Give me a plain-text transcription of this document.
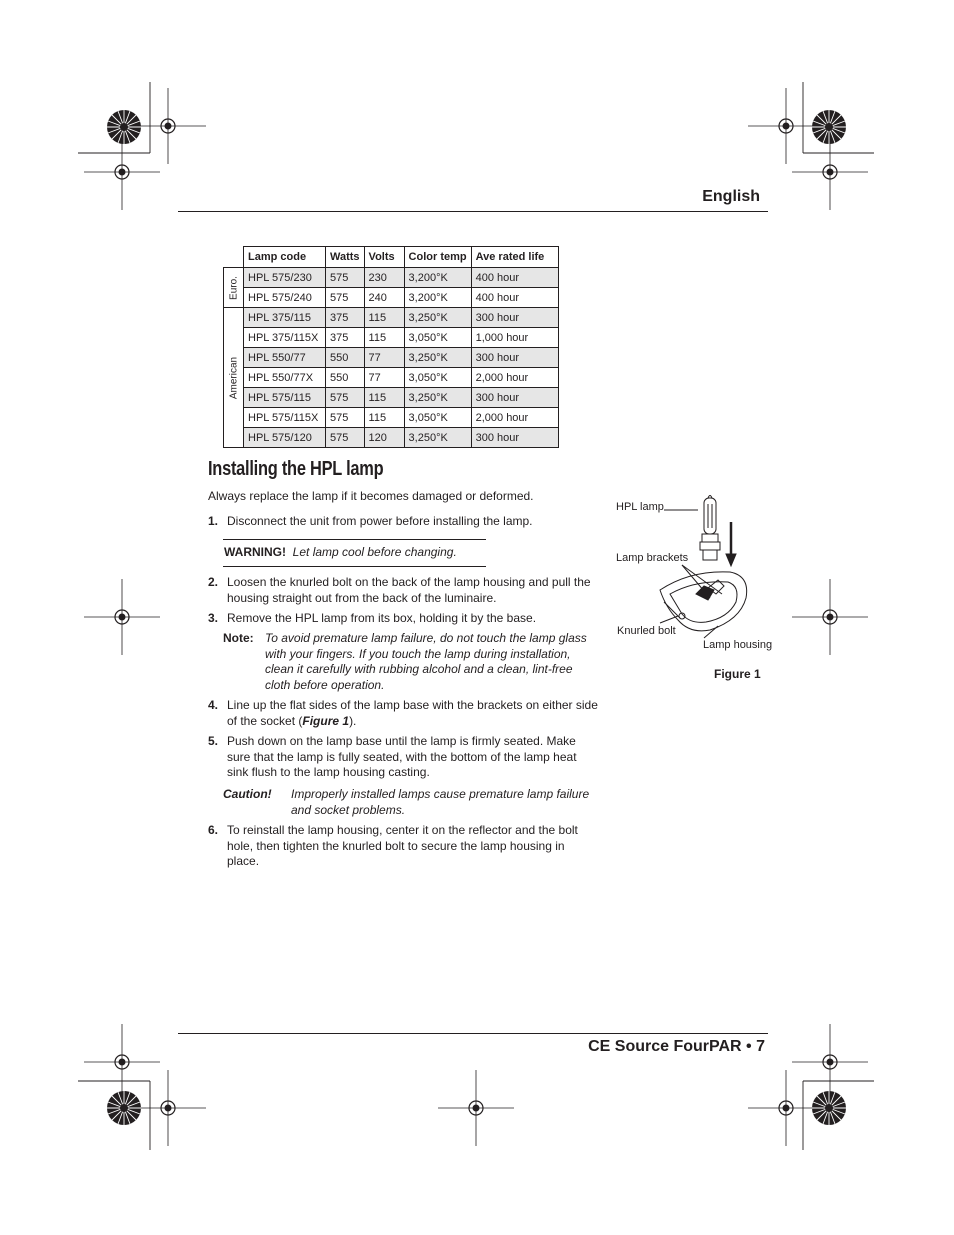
English
	Lamp code	Watts	Volts	Color temp	Ave rated life

Euro.	HPL 575/230	575	230	3,200°K	400 hour
	HPL 575/240	575	240	3,200°K	400 hour

American	HPL 375/115	375	115	3,250°K	300 hour
	HPL 375/115X	375	115	3,050°K	1,000 hour
	HPL 550/77	550	77	3,250°K	300 hour
	HPL 550/77X	550	77	3,050°K	2,000 hour
	HPL 575/115	575	115	3,250°K	300 hour
	HPL 575/115X	575	115	3,050°K	2,000 hour
	HPL 575/120	575	120	3,250°K	300 hour
Installing the HPL lamp
Always replace the lamp if it becomes damaged or deformed.
1. Disconnect the unit from power before installing the lamp.
WARNING! Let lamp cool before changing.
2. Loosen the knurled bolt on the back of the lamp housing and pull the housing straight out from the back of the luminaire.
3. Remove the HPL lamp from its box, holding it by the base.
Note: To avoid premature lamp failure, do not touch the lamp glass with your fingers. If you touch the lamp during installation, clean it carefully with rubbing alcohol and a clean, lint-free cloth before operation.
4. Line up the flat sides of the lamp base with the brackets on either side of the socket (Figure 1).
5. Push down on the lamp base until the lamp is firmly seated. Make sure that the lamp is fully seated, with the bottom of the lamp heat sink flush to the lamp housing casting.
Caution! Improperly installed lamps cause premature lamp failure and socket problems.
6. To reinstall the lamp housing, center it on the reflector and the bolt hole, then tighten the knurled bolt to secure the lamp housing in place.
HPL lamp
Lamp brackets
Knurled bolt
Lamp housing
Figure 1
CE Source FourPAR • 7
